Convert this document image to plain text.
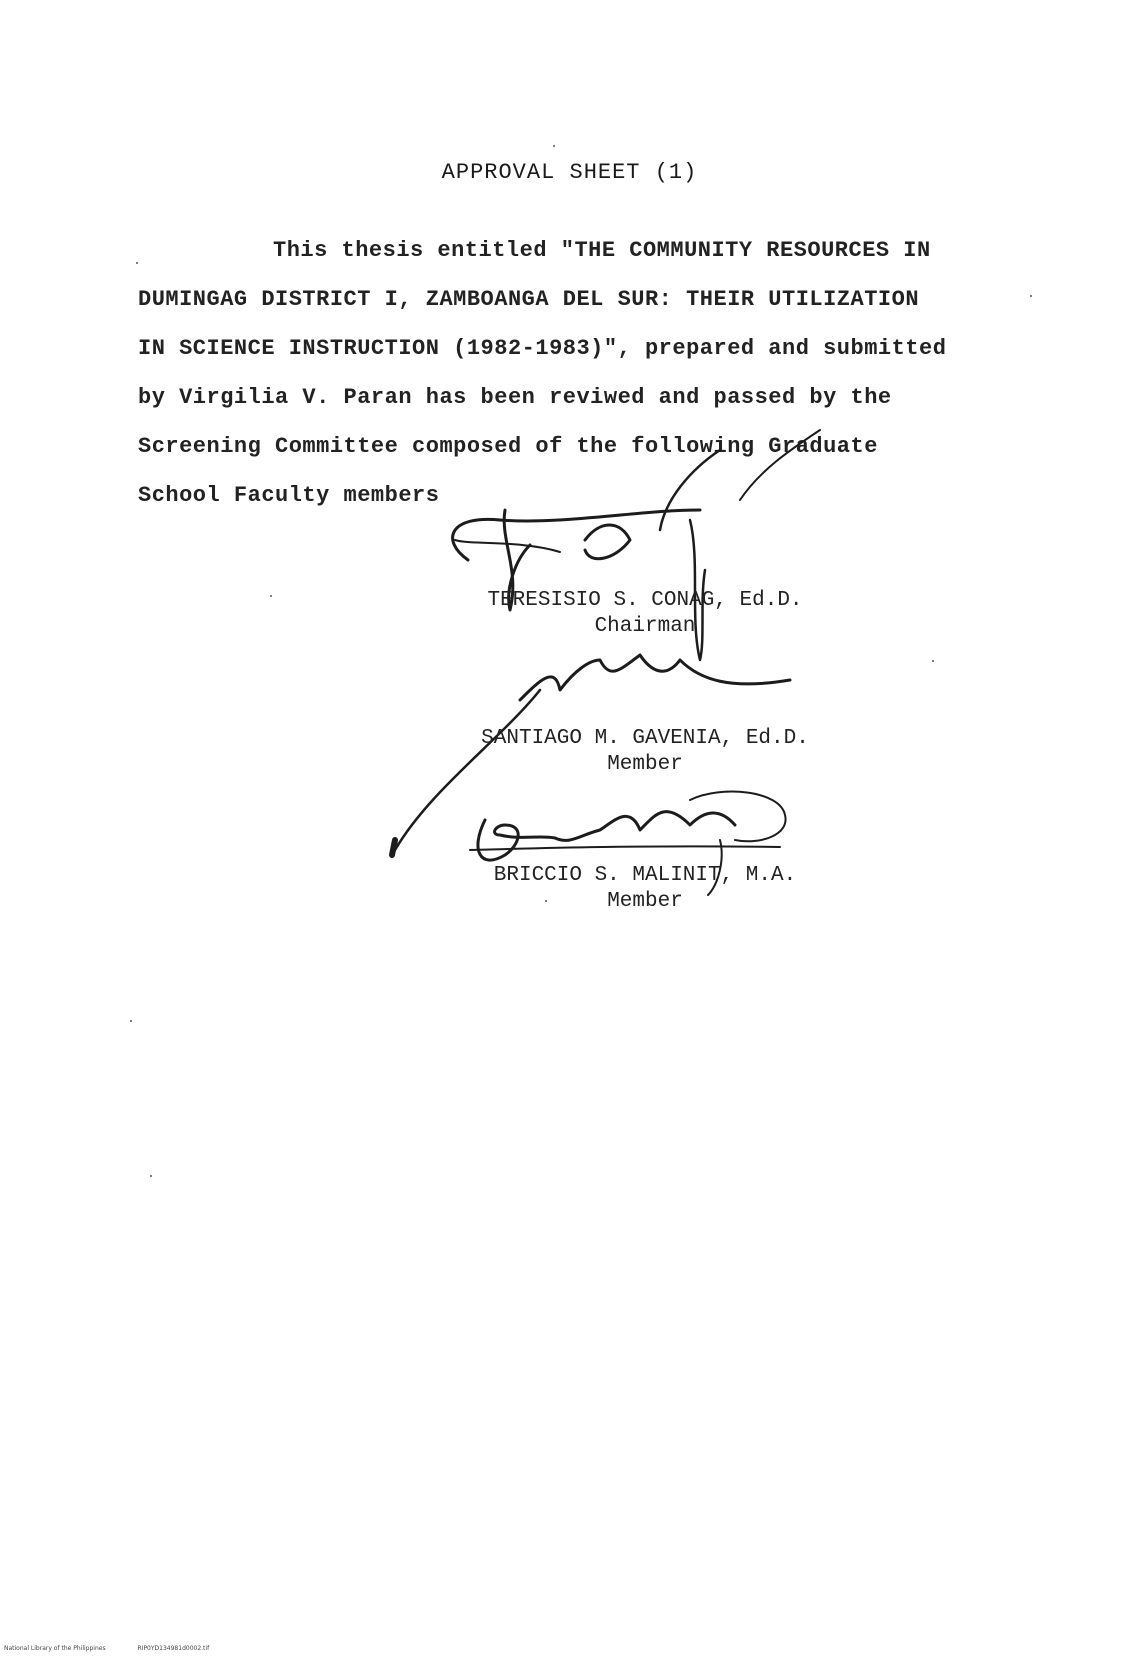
APPROVAL SHEET (1)
This thesis entitled "THE COMMUNITY RESOURCES IN
DUMINGAG DISTRICT I, ZAMBOANGA DEL SUR: THEIR UTILIZATION
IN SCIENCE INSTRUCTION (1982-1983)", prepared and submitted
by Virgilia V. Paran has been reviwed and passed by the
Screening Committee composed of the following Graduate
School Faculty members
TERESISIO S. CONAG, Ed.D.
Chairman
SANTIAGO M. GAVENIA, Ed.D.
Member
BRICCIO S. MALINIT, M.A.
Member
National Library of the Philippines	RIP0YD134981d0002.tif
